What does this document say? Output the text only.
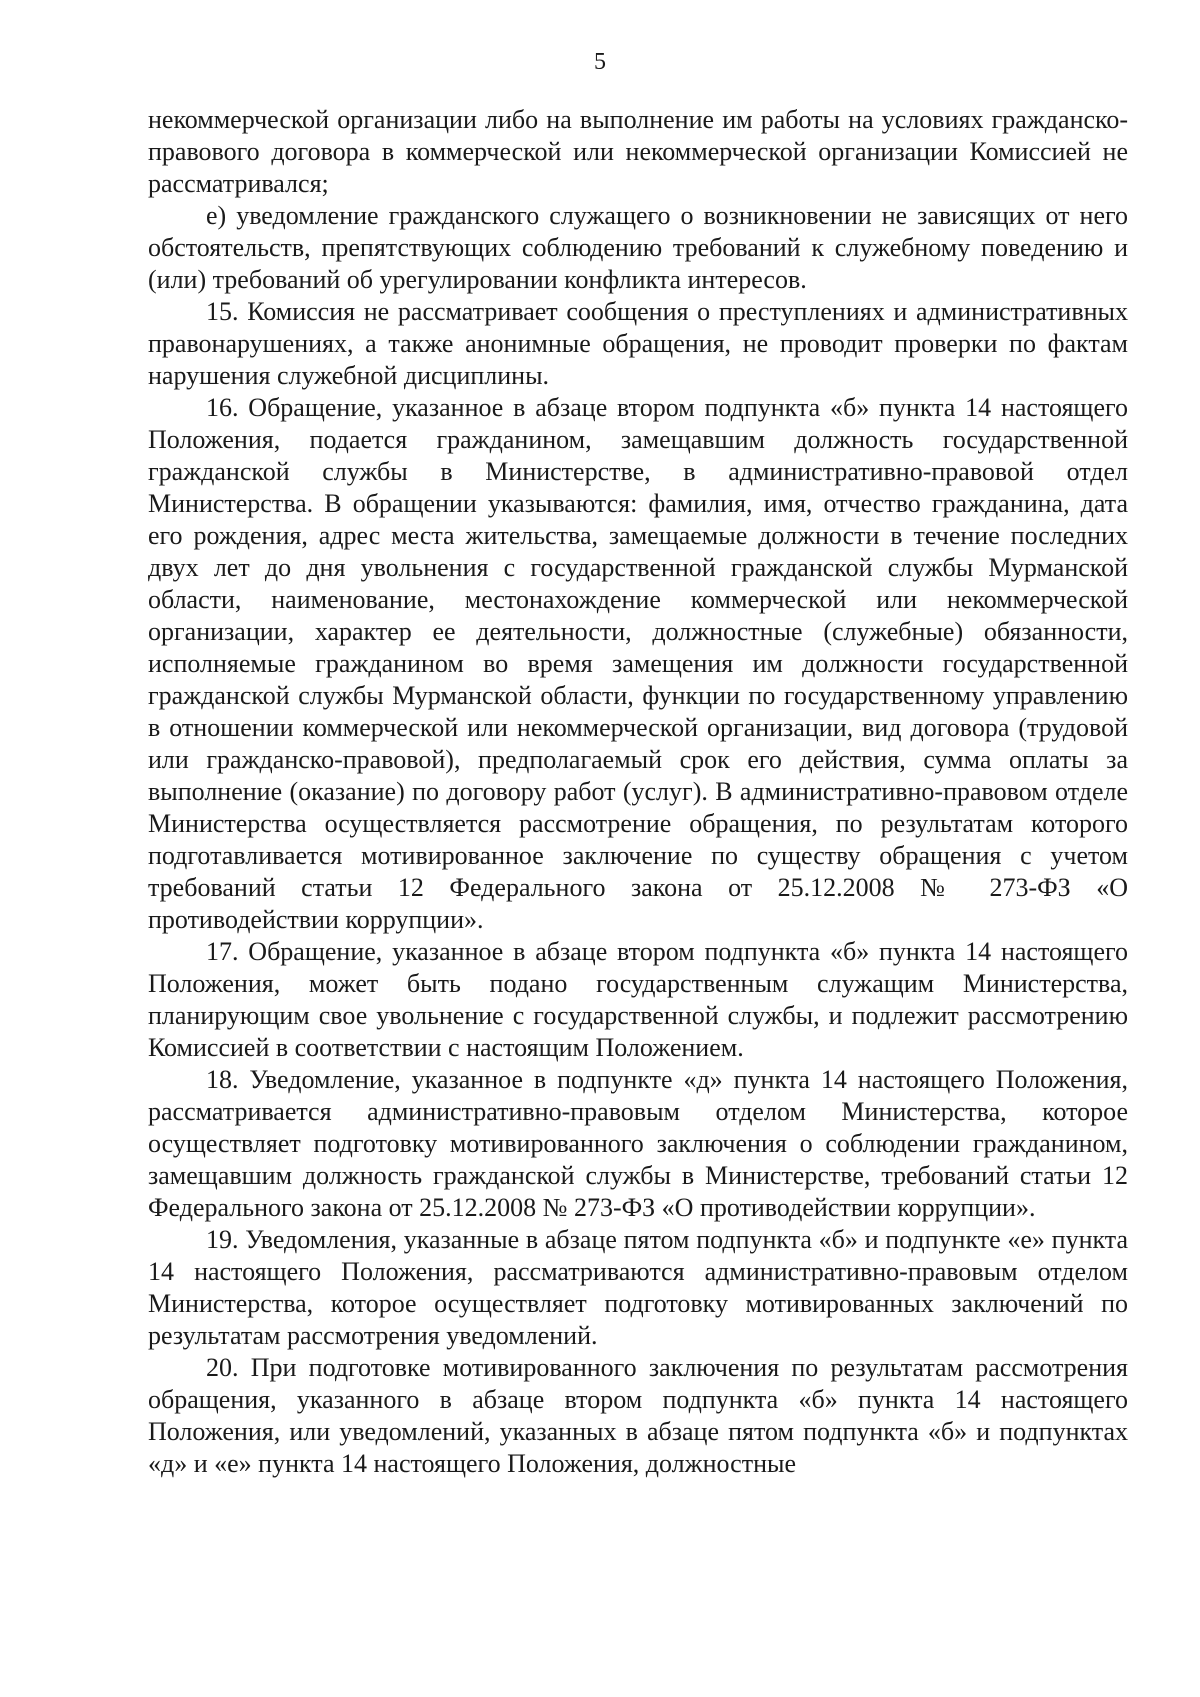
5

некоммерческой организации либо на выполнение им работы на условиях гражданско-правового договора в коммерческой или некоммерческой организации Комиссией не рассматривался;

е) уведомление гражданского служащего о возникновении не зависящих от него обстоятельств, препятствующих соблюдению требований к служебному поведению и (или) требований об урегулировании конфликта интересов.

15. Комиссия не рассматривает сообщения о преступлениях и административных правонарушениях, а также анонимные обращения, не проводит проверки по фактам нарушения служебной дисциплины.

16. Обращение, указанное в абзаце втором подпункта «б» пункта 14 настоящего Положения, подается гражданином, замещавшим должность государственной гражданской службы в Министерстве, в административно-правовой отдел Министерства. В обращении указываются: фамилия, имя, отчество гражданина, дата его рождения, адрес места жительства, замещаемые должности в течение последних двух лет до дня увольнения с государственной гражданской службы Мурманской области, наименование, местонахождение коммерческой или некоммерческой организации, характер ее деятельности, должностные (служебные) обязанности, исполняемые гражданином во время замещения им должности государственной гражданской службы Мурманской области, функции по государственному управлению в отношении коммерческой или некоммерческой организации, вид договора (трудовой или гражданско-правовой), предполагаемый срок его действия, сумма оплаты за выполнение (оказание) по договору работ (услуг). В административно-правовом отделе Министерства осуществляется рассмотрение обращения, по результатам которого подготавливается мотивированное заключение по существу обращения с учетом требований статьи 12 Федерального закона от 25.12.2008 № 273-ФЗ «О противодействии коррупции».

17. Обращение, указанное в абзаце втором подпункта «б» пункта 14 настоящего Положения, может быть подано государственным служащим Министерства, планирующим свое увольнение с государственной службы, и подлежит рассмотрению Комиссией в соответствии с настоящим Положением.

18. Уведомление, указанное в подпункте «д» пункта 14 настоящего Положения, рассматривается административно-правовым отделом Министерства, которое осуществляет подготовку мотивированного заключения о соблюдении гражданином, замещавшим должность гражданской службы в Министерстве, требований статьи 12 Федерального закона от 25.12.2008 № 273-ФЗ «О противодействии коррупции».

19. Уведомления, указанные в абзаце пятом подпункта «б» и подпункте «е» пункта 14 настоящего Положения, рассматриваются административно-правовым отделом Министерства, которое осуществляет подготовку мотивированных заключений по результатам рассмотрения уведомлений.

20. При подготовке мотивированного заключения по результатам рассмотрения обращения, указанного в абзаце втором подпункта «б» пункта 14 настоящего Положения, или уведомлений, указанных в абзаце пятом подпункта «б» и подпунктах «д» и «е» пункта 14 настоящего Положения, должностные
